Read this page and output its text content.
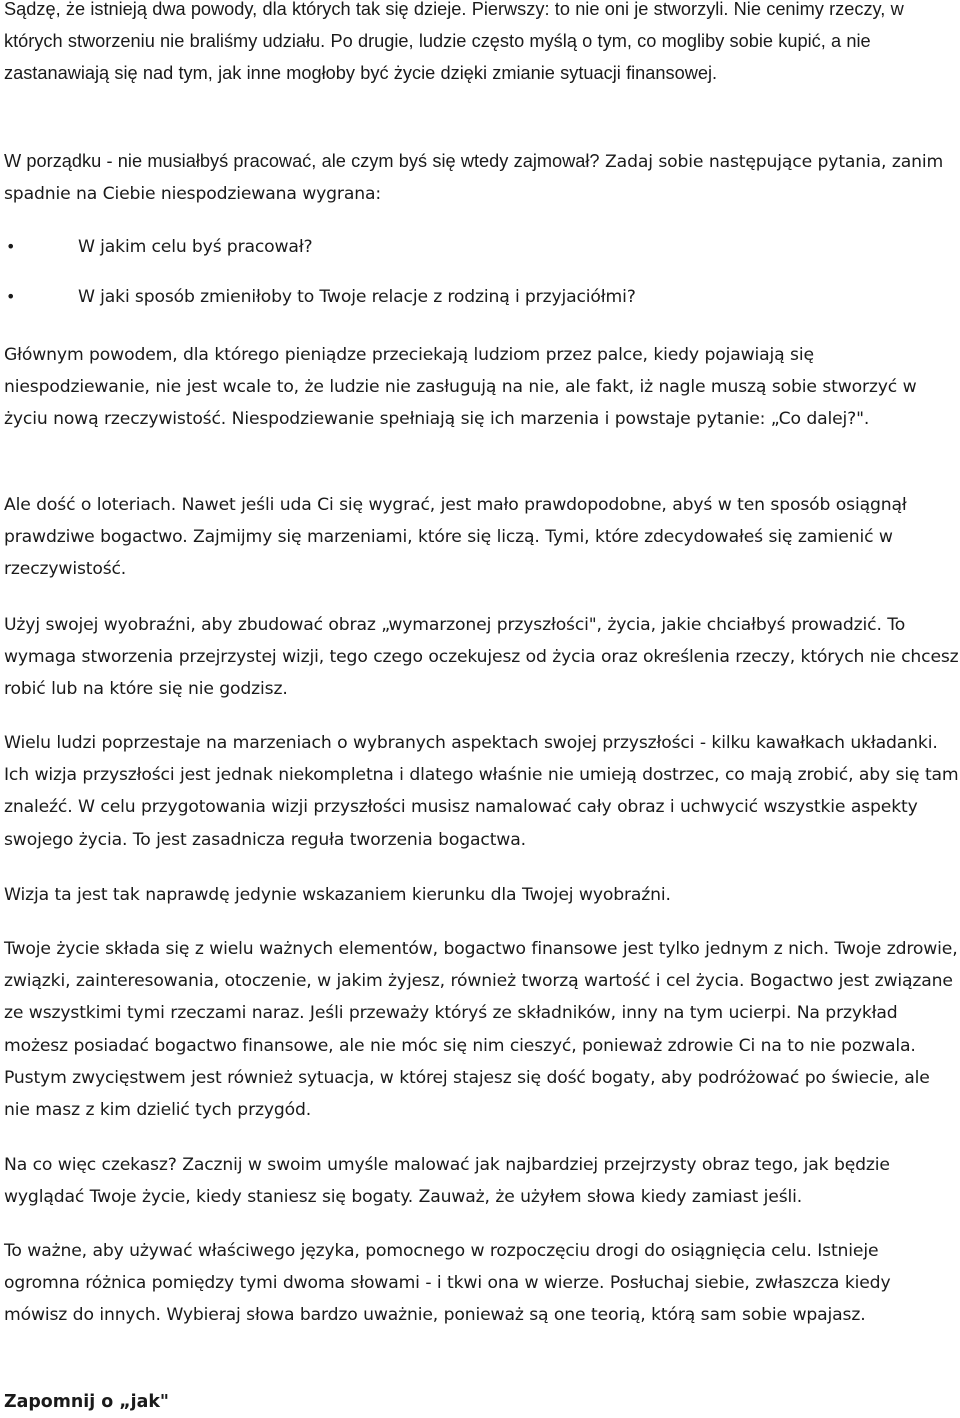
Sądzę, że istnieją dwa powody, dla których tak się dzieje. Pierwszy: to nie oni je stworzyli. Nie cenimy rzeczy, w których stworzeniu nie braliśmy udziału. Po drugie, ludzie często myślą o tym, co mogliby sobie kupić, a nie zastanawiają się nad tym, jak inne mogłoby być życie dzięki zmianie sytuacji finansowej.

W porządku - nie musiałbyś pracować, ale czym byś się wtedy zajmował? Zadaj sobie następujące pytania, zanim spadnie na Ciebie niespodziewana wygrana:

•	W jakim celu byś pracował?
•	W jaki sposób zmieniłoby to Twoje relacje z rodziną i przyjaciółmi?

Głównym powodem, dla którego pieniądze przeciekają ludziom przez palce, kiedy pojawiają się niespodziewanie, nie jest wcale to, że ludzie nie zasługują na nie, ale fakt, iż nagle muszą sobie stworzyć w życiu nową rzeczywistość. Niespodziewanie spełniają się ich marzenia i powstaje pytanie: „Co dalej?".

Ale dość o loteriach. Nawet jeśli uda Ci się wygrać, jest mało prawdopodobne, abyś w ten sposób osiągnął prawdziwe bogactwo. Zajmijmy się marzeniami, które się liczą. Tymi, które zdecydowałeś się zamienić w rzeczywistość.

Użyj swojej wyobraźni, aby zbudować obraz „wymarzonej przyszłości", życia, jakie chciałbyś prowadzić. To wymaga stworzenia przejrzystej wizji, tego czego oczekujesz od życia oraz określenia rzeczy, których nie chcesz robić lub na które się nie godzisz.

Wielu ludzi poprzestaje na marzeniach o wybranych aspektach swojej przyszłości - kilku kawałkach układanki. Ich wizja przyszłości jest jednak niekompletna i dlatego właśnie nie umieją dostrzec, co mają zrobić, aby się tam znaleźć. W celu przygotowania wizji przyszłości musisz namalować cały obraz i uchwycić wszystkie aspekty swojego życia. To jest zasadnicza reguła tworzenia bogactwa.

Wizja ta jest tak naprawdę jedynie wskazaniem kierunku dla Twojej wyobraźni.

Twoje życie składa się z wielu ważnych elementów, bogactwo finansowe jest tylko jednym z nich. Twoje zdrowie, związki, zainteresowania, otoczenie, w jakim żyjesz, również tworzą wartość i cel życia. Bogactwo jest związane ze wszystkimi tymi rzeczami naraz. Jeśli przeważy któryś ze składników, inny na tym ucierpi. Na przykład możesz posiadać bogactwo finansowe, ale nie móc się nim cieszyć, ponieważ zdrowie Ci na to nie pozwala. Pustym zwycięstwem jest również sytuacja, w której stajesz się dość bogaty, aby podróżować po świecie, ale nie masz z kim dzielić tych przygód.

Na co więc czekasz? Zacznij w swoim umyśle malować jak najbardziej przejrzysty obraz tego, jak będzie wyglądać Twoje życie, kiedy staniesz się bogaty. Zauważ, że użyłem słowa kiedy zamiast jeśli.

To ważne, aby używać właściwego języka, pomocnego w rozpoczęciu drogi do osiągnięcia celu. Istnieje ogromna różnica pomiędzy tymi dwoma słowami - i tkwi ona w wierze. Posłuchaj siebie, zwłaszcza kiedy mówisz do innych. Wybieraj słowa bardzo uważnie, ponieważ są one teorią, którą sam sobie wpajasz.

Zapomnij o „jak"
